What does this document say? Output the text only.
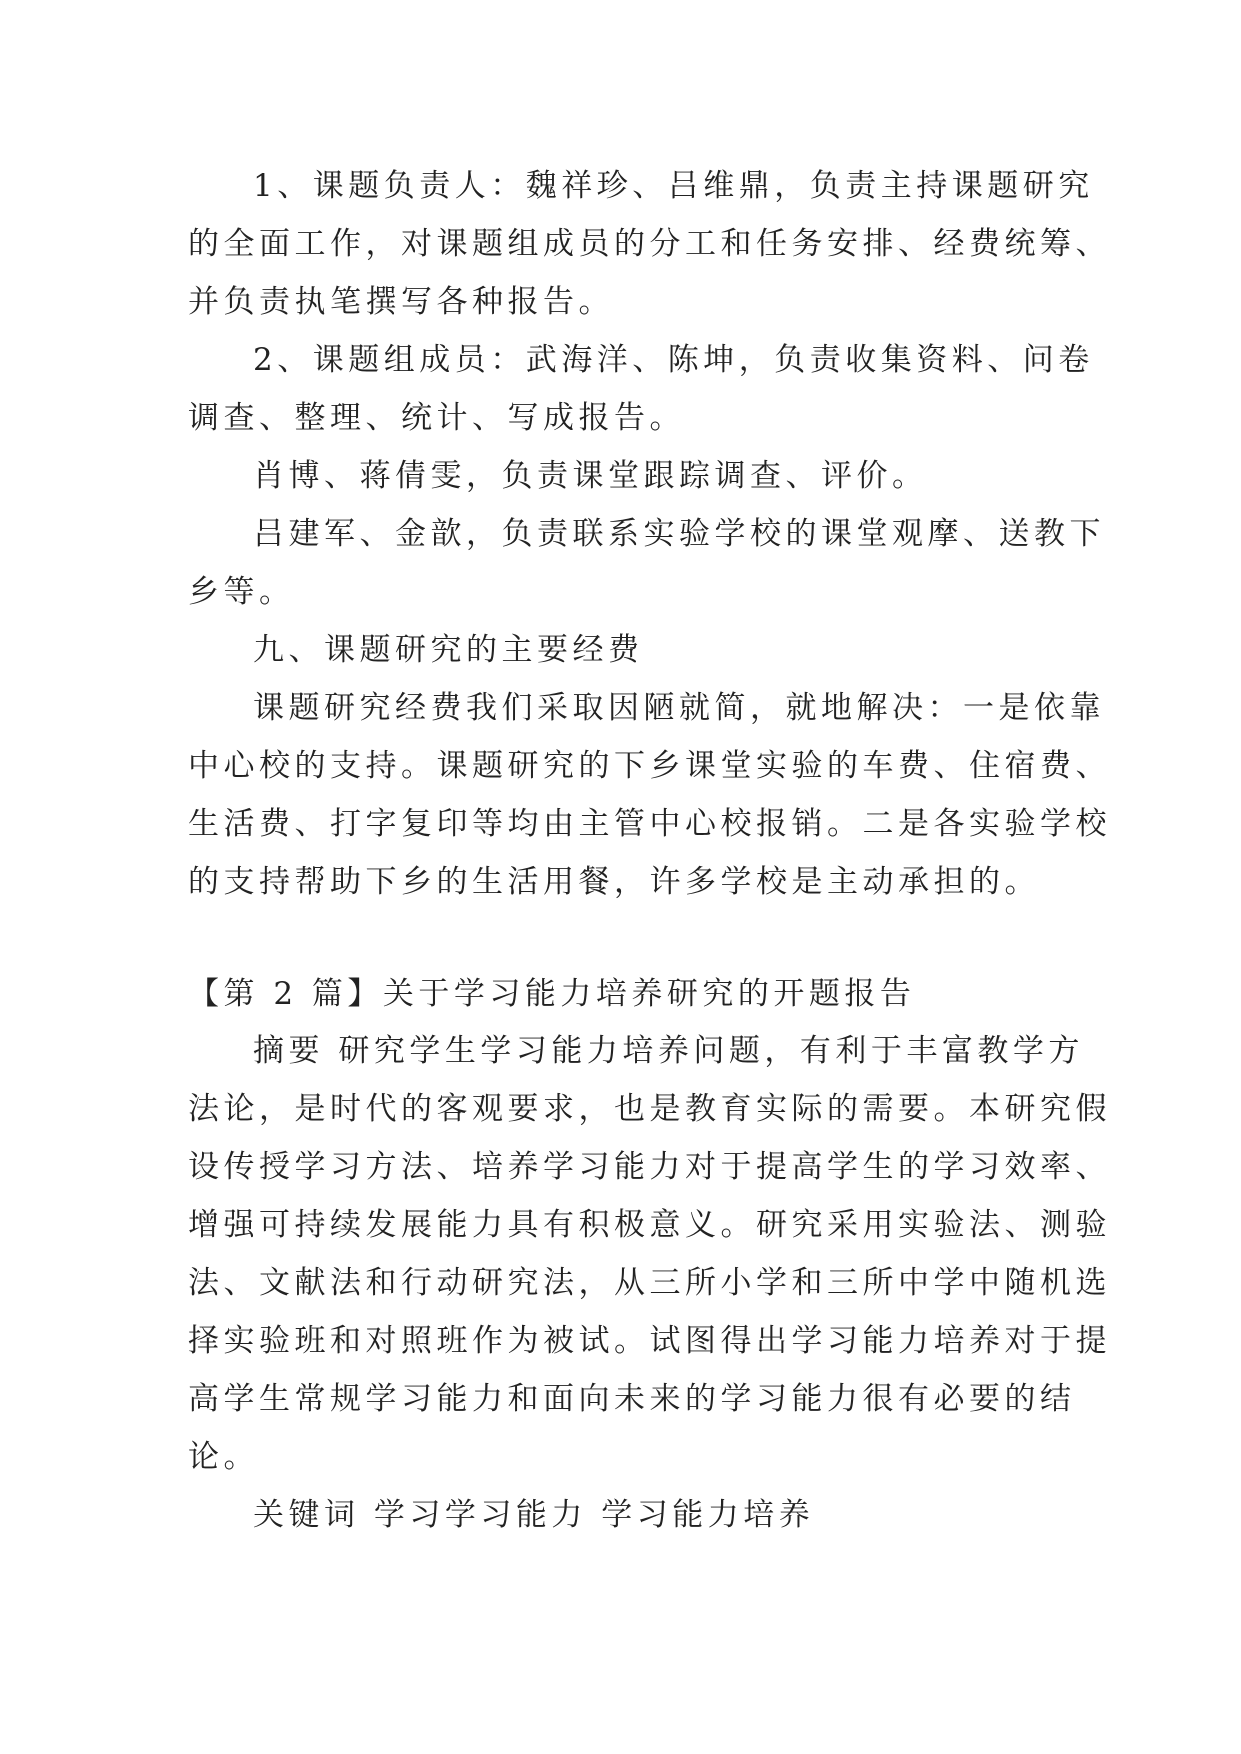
1、课题负责人：魏祥珍、吕维鼎，负责主持课题研究
的全面工作，对课题组成员的分工和任务安排、经费统筹、
并负责执笔撰写各种报告。
2、课题组成员：武海洋、陈坤，负责收集资料、问卷
调查、整理、统计、写成报告。
肖博、蒋倩雯，负责课堂跟踪调查、评价。
吕建军、金歆，负责联系实验学校的课堂观摩、送教下
乡等。
九、课题研究的主要经费
课题研究经费我们采取因陋就简，就地解决：一是依靠
中心校的支持。课题研究的下乡课堂实验的车费、住宿费、
生活费、打字复印等均由主管中心校报销。二是各实验学校
的支持帮助下乡的生活用餐，许多学校是主动承担的。
【第 2 篇】关于学习能力培养研究的开题报告
摘要 研究学生学习能力培养问题，有利于丰富教学方
法论，是时代的客观要求，也是教育实际的需要。本研究假
设传授学习方法、培养学习能力对于提高学生的学习效率、
增强可持续发展能力具有积极意义。研究采用实验法、测验
法、文献法和行动研究法，从三所小学和三所中学中随机选
择实验班和对照班作为被试。试图得出学习能力培养对于提
高学生常规学习能力和面向未来的学习能力很有必要的结
论。
关键词 学习学习能力 学习能力培养
